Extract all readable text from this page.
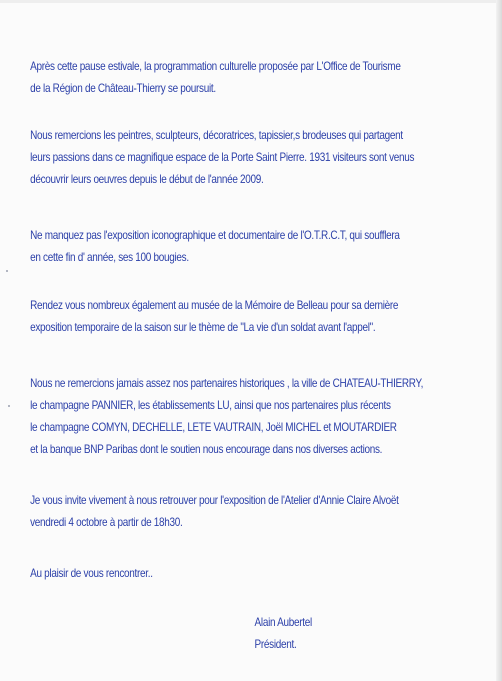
Après cette pause estivale, la programmation culturelle proposée par L'Office de Tourisme
de la Région de Château-Thierry se poursuit.
Nous remercions les peintres, sculpteurs, décoratrices, tapissier,s brodeuses qui partagent
leurs passions dans ce magnifique espace de la Porte Saint Pierre. 1931 visiteurs sont venus
découvrir leurs oeuvres depuis le début de l'année 2009.
Ne manquez pas l'exposition iconographique et documentaire de l'O.T.R.C.T, qui soufflera
en cette fin d' année, ses 100 bougies.
Rendez vous nombreux également au musée de la Mémoire de Belleau pour sa dernière
exposition temporaire de la saison sur le thème de "La vie d'un soldat avant l'appel".
Nous ne remercions jamais assez nos partenaires historiques , la ville de CHATEAU-THIERRY,
le champagne PANNIER, les établissements LU, ainsi que nos partenaires plus récents
le champagne COMYN, DECHELLE, LETE VAUTRAIN, Joël MICHEL et MOUTARDIER
et la banque BNP Paribas dont le soutien nous encourage dans nos diverses actions.
Je vous invite vivement à nous retrouver pour l'exposition de l'Atelier d'Annie Claire Alvoët
vendredi 4 octobre à partir de 18h30.
Au plaisir de vous rencontrer..
Alain Aubertel
Président.
